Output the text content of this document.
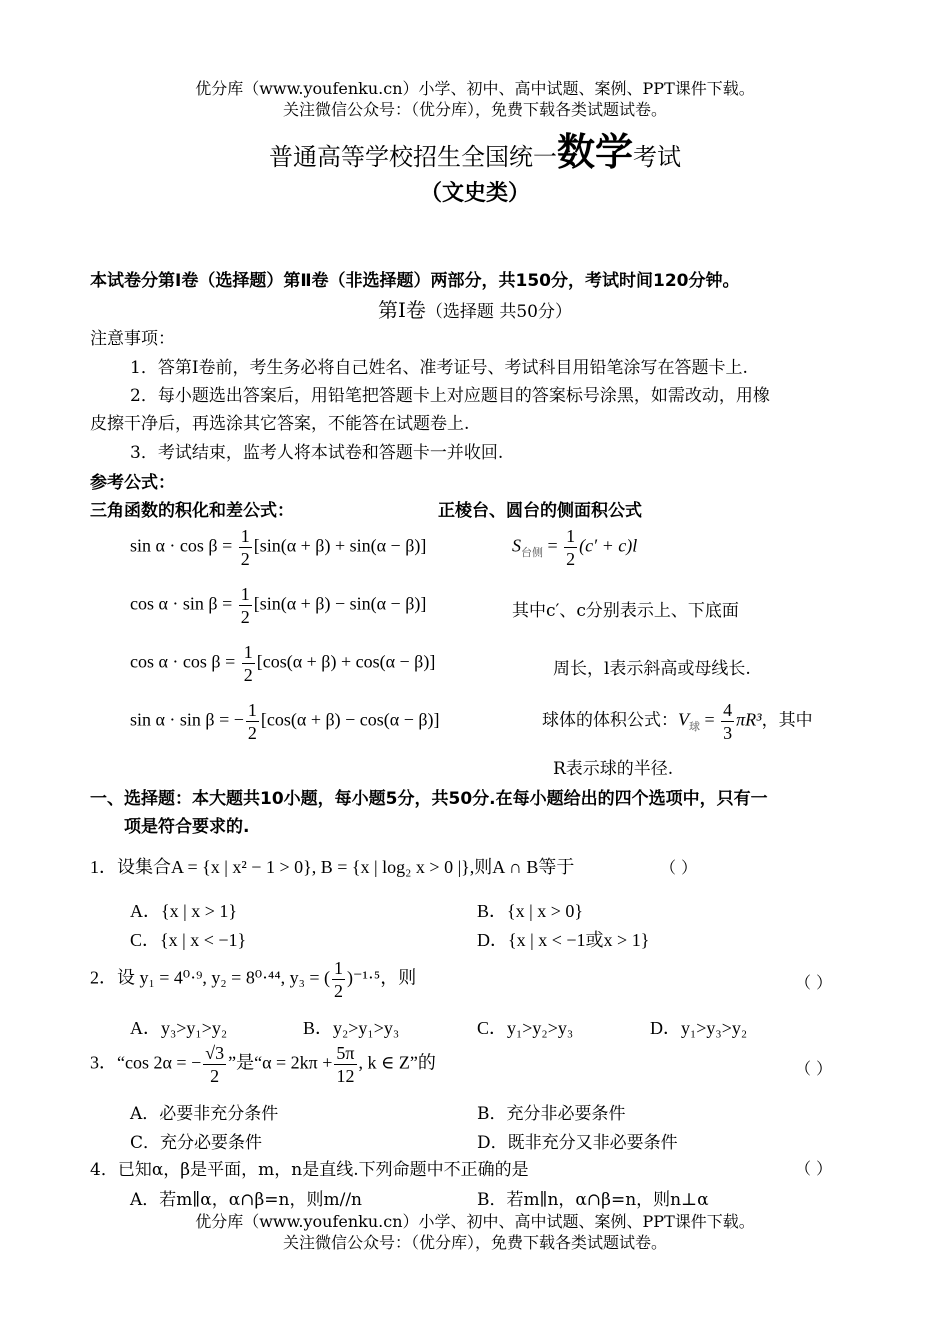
优分库（www.youfenku.cn）小学、初中、高中试题、案例、PPT课件下载。
关注微信公众号：（优分库），免费下载各类试题试卷。
普通高等学校招生全国统一数学考试
（文史类）
本试卷分第Ⅰ卷（选择题）第Ⅱ卷（非选择题）两部分，共150分，考试时间120分钟。
第Ⅰ卷（选择题 共50分）
注意事项：
1．答第Ⅰ卷前，考生务必将自己姓名、准考证号、考试科目用铅笔涂写在答题卡上.
2．每小题选出答案后，用铅笔把答题卡上对应题目的答案标号涂黑，如需改动，用橡
皮擦干净后，再选涂其它答案，不能答在试题卷上.
3．考试结束，监考人将本试卷和答题卡一并收回.
参考公式：
三角函数的积化和差公式：	正棱台、圆台的侧面积公式
$\sin \alpha \cdot \cos \beta = \frac{1}{2} [\sin(\alpha + \beta) + \sin(\alpha - \beta)]$	$S_{台侧} = \frac{1}{2} (c' + c)l$
$\cos \alpha \cdot \sin \beta = \frac{1}{2} [\sin(\alpha + \beta) - \sin(\alpha - \beta)]$	其中c′、c分别表示上、下底面
$\cos \alpha \cdot \cos \beta = \frac{1}{2} [\cos(\alpha + \beta) + \cos(\alpha - \beta)]$	周长，l表示斜高或母线长.
sin α · sin β = − $\frac{1}{2} [\cos(\alpha + \beta) - \cos(\alpha - \beta)]$	球体的体积公式：$V_球 = \frac{4}{3} \pi R^3$，其中
R表示球的半径.
一、选择题：本大题共10小题，每小题5分，共50分.在每小题给出的四个选项中，只有一
项是符合要求的.
1．设集合A = {x | x² − 1 > 0}, B = {x | log₂ x > 0 |},则A ∩ B等于	（ ）
A．{x | x > 1}	B．{x | x > 0}
C．{x | x < −1}	D．{x | x < −1或x > 1}
2．设 y₁ = 4⁰·⁹, y₂ = 8⁰·⁴⁴, y₃ = ( $\frac{1}{2} )^{-1}\cdot^5$，则	（ ）
A．y₃>y₁>y₂	B．y₂>y₁>y₃	C．y₁>y₂>y₃	D．y₁>y₃>y₂
3．“cos 2α = − $\frac{√3}{2}$ ”是“$\alpha = 2k\pi + \frac{5\pi}{12}$ , k ∈ Z”的	（ ）
A．必要非充分条件	B．充分非必要条件
C．充分必要条件	D．既非充分又非必要条件
4．已知α，β是平面，m，n是直线.下列命题中不正确的是	（ ）
A．若m∥α，α∩β=n，则m//n	B．若m∥n，α∩β=n，则n⊥α
优分库（www.youfenku.cn）小学、初中、高中试题、案例、PPT课件下载。
关注微信公众号：（优分库），免费下载各类试题试卷。
